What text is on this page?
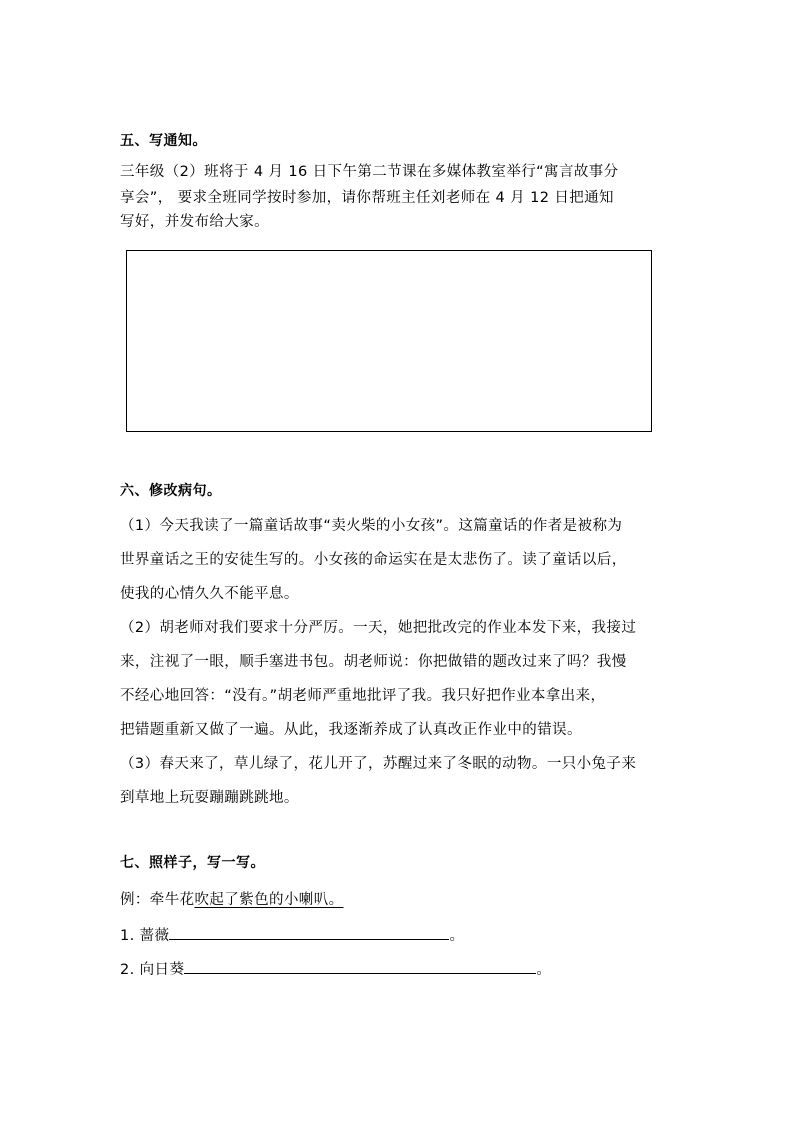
五、写通知。
三年级（2）班将于 4 月 16 日下午第二节课在多媒体教室举行“寓言故事分
享会”， 要求全班同学按时参加，请你帮班主任刘老师在 4 月 12 日把通知
写好，并发布给大家。
六、修改病句。
（1）今天我读了一篇童话故事“卖火柴的小女孩”。这篇童话的作者是被称为
世界童话之王的安徒生写的。小女孩的命运实在是太悲伤了。读了童话以后，
使我的心情久久不能平息。
（2）胡老师对我们要求十分严厉。一天，她把批改完的作业本发下来，我接过
来，注视了一眼，顺手塞进书包。胡老师说：你把做错的题改过来了吗？我慢
不经心地回答：“没有。”胡老师严重地批评了我。我只好把作业本拿出来，
把错题重新又做了一遍。从此，我逐渐养成了认真改正作业中的错误。
（3）春天来了，草儿绿了，花儿开了，苏醒过来了冬眠的动物。一只小兔子来
到草地上玩耍蹦蹦跳跳地。
七、照样子，写一写。
例：牵牛花吹起了紫色的小喇叭。
1. 蔷薇	。
2. 向日葵	。
